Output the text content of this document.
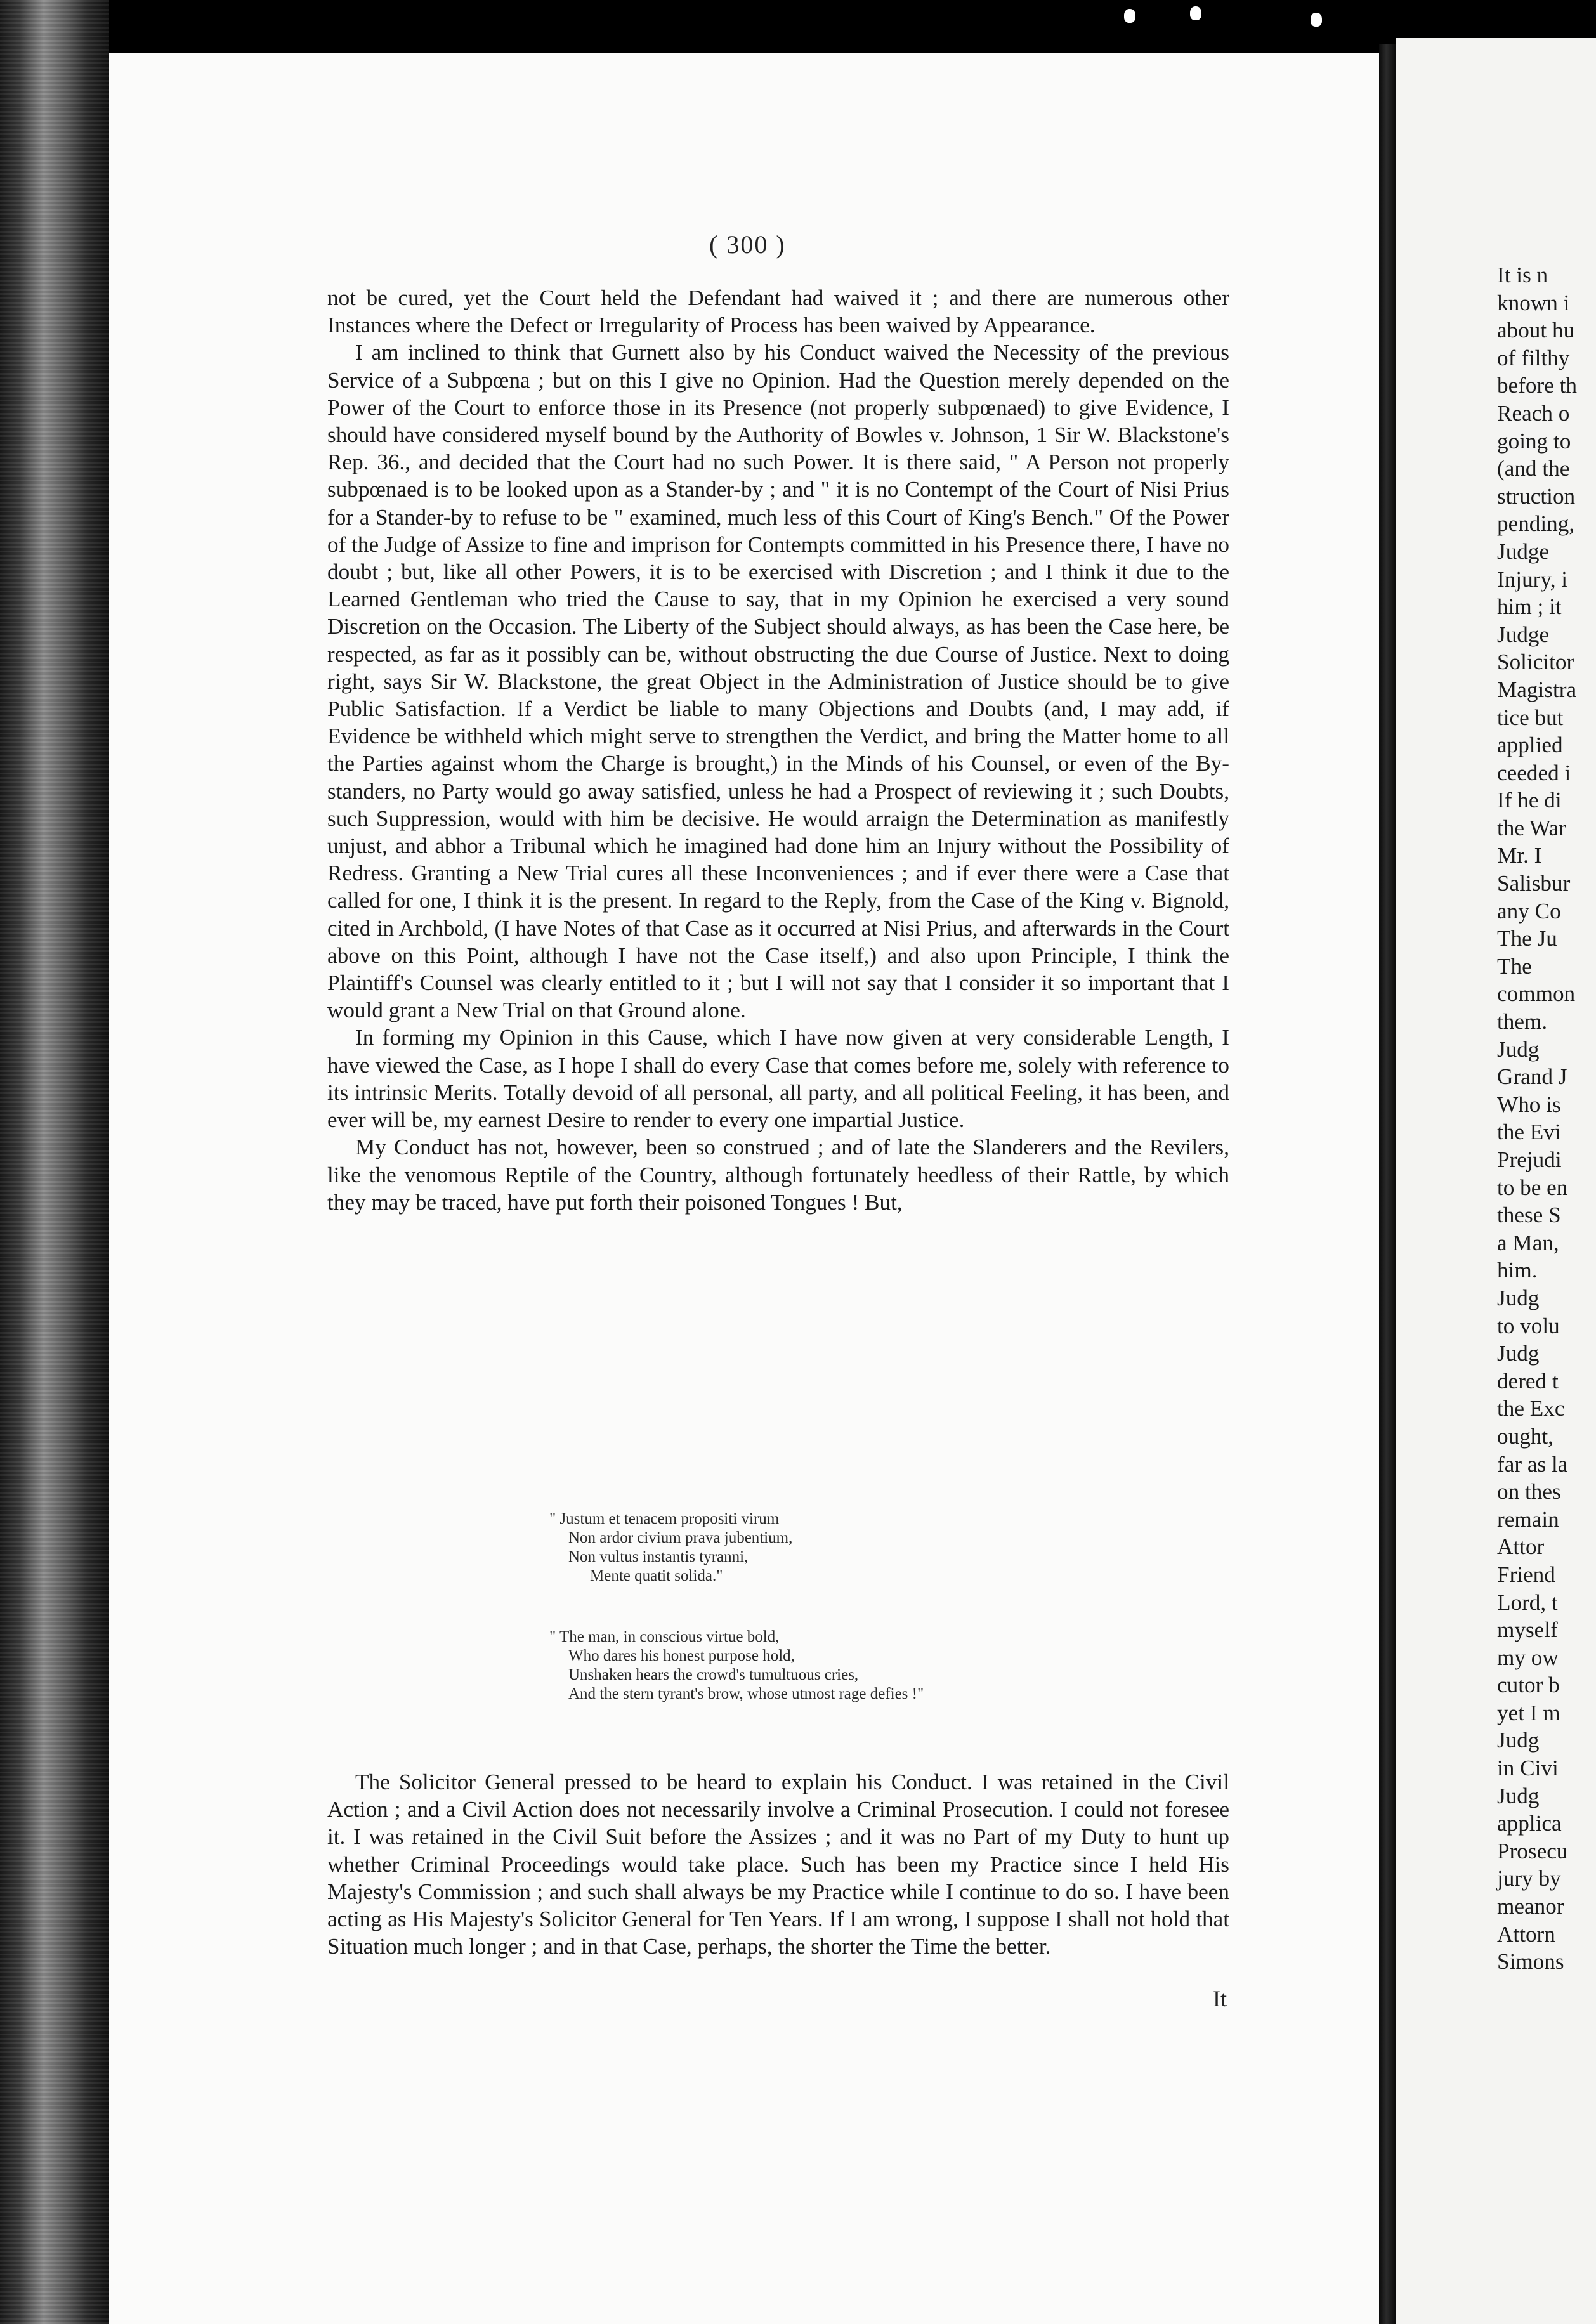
( 300 )

not be cured, yet the Court held the Defendant had waived it ; and there are numerous other Instances where the Defect or Irregularity of Process has been waived by Appearance.

I am inclined to think that Gurnett also by his Conduct waived the Necessity of the previous Service of a Subpœna ; but on this I give no Opinion. Had the Question merely depended on the Power of the Court to enforce those in its Presence (not properly subpœnaed) to give Evidence, I should have considered myself bound by the Authority of Bowles v. Johnson, 1 Sir W. Blackstone's Rep. 36., and decided that the Court had no such Power. It is there said, " A Person not properly subpœnaed is to be looked upon as a Stander-by ; and " it is no Contempt of the Court of Nisi Prius for a Stander-by to refuse to be " examined, much less of this Court of King's Bench." Of the Power of the Judge of Assize to fine and imprison for Contempts committed in his Presence there, I have no doubt ; but, like all other Powers, it is to be exercised with Discretion ; and I think it due to the Learned Gentleman who tried the Cause to say, that in my Opinion he exercised a very sound Discretion on the Occasion. The Liberty of the Subject should always, as has been the Case here, be respected, as far as it possibly can be, without obstructing the due Course of Justice. Next to doing right, says Sir W. Blackstone, the great Object in the Administration of Justice should be to give Public Satisfaction. If a Verdict be liable to many Objections and Doubts (and, I may add, if Evidence be withheld which might serve to strengthen the Verdict, and bring the Matter home to all the Parties against whom the Charge is brought,) in the Minds of his Counsel, or even of the By-standers, no Party would go away satisfied, unless he had a Prospect of reviewing it ; such Doubts, such Suppression, would with him be decisive. He would arraign the Determination as manifestly unjust, and abhor a Tribunal which he imagined had done him an Injury without the Possibility of Redress. Granting a New Trial cures all these Inconveniences ; and if ever there were a Case that called for one, I think it is the present. In regard to the Reply, from the Case of the King v. Bignold, cited in Archbold, (I have Notes of that Case as it occurred at Nisi Prius, and afterwards in the Court above on this Point, although I have not the Case itself,) and also upon Principle, I think the Plaintiff's Counsel was clearly entitled to it ; but I will not say that I consider it so important that I would grant a New Trial on that Ground alone.

In forming my Opinion in this Cause, which I have now given at very considerable Length, I have viewed the Case, as I hope I shall do every Case that comes before me, solely with reference to its intrinsic Merits. Totally devoid of all personal, all party, and all political Feeling, it has been, and ever will be, my earnest Desire to render to every one impartial Justice.

My Conduct has not, however, been so construed ; and of late the Slanderers and the Revilers, like the venomous Reptile of the Country, although fortunately heedless of their Rattle, by which they may be traced, have put forth their poisoned Tongues ! But,

" Justum et tenacem propositi virum
Non ardor civium prava jubentium,
Non vultus instantis tyranni,
Mente quatit solida."
" The man, in conscious virtue bold,
Who dares his honest purpose hold,
Unshaken hears the crowd's tumultuous cries,
And the stern tyrant's brow, whose utmost rage defies !"

The Solicitor General pressed to be heard to explain his Conduct. I was retained in the Civil Action ; and a Civil Action does not necessarily involve a Criminal Prosecution. I could not foresee it. I was retained in the Civil Suit before the Assizes ; and it was no Part of my Duty to hunt up whether Criminal Proceedings would take place. Such has been my Practice since I held His Majesty's Commission ; and such shall always be my Practice while I continue to do so. I have been acting as His Majesty's Solicitor General for Ten Years. If I am wrong, I suppose I shall not hold that Situation much longer ; and in that Case, perhaps, the shorter the Time the better.

It
It is n
known i
about hu
of filthy
before th
Reach o
going to
(and the
struction
pending,
Judge
Injury, i
him ; it
Judge
Solicitor
Magistra
tice but
applied
ceeded i
If he di
the War
Mr. I
Salisbur
any Co
The Ju
The
common
them.
Judg
Grand J
Who is
the Evi
Prejudi
to be en
these S
a Man,
him.
Judg
to volu
Judg
dered t
the Exc
ought,
far as la
on thes
remain
Attor
Friend
Lord, t
myself
my ow
cutor b
yet I m
Judg
in Civi
Judg
applica
Prosecu
jury by
meanor
Attorn
Simons
